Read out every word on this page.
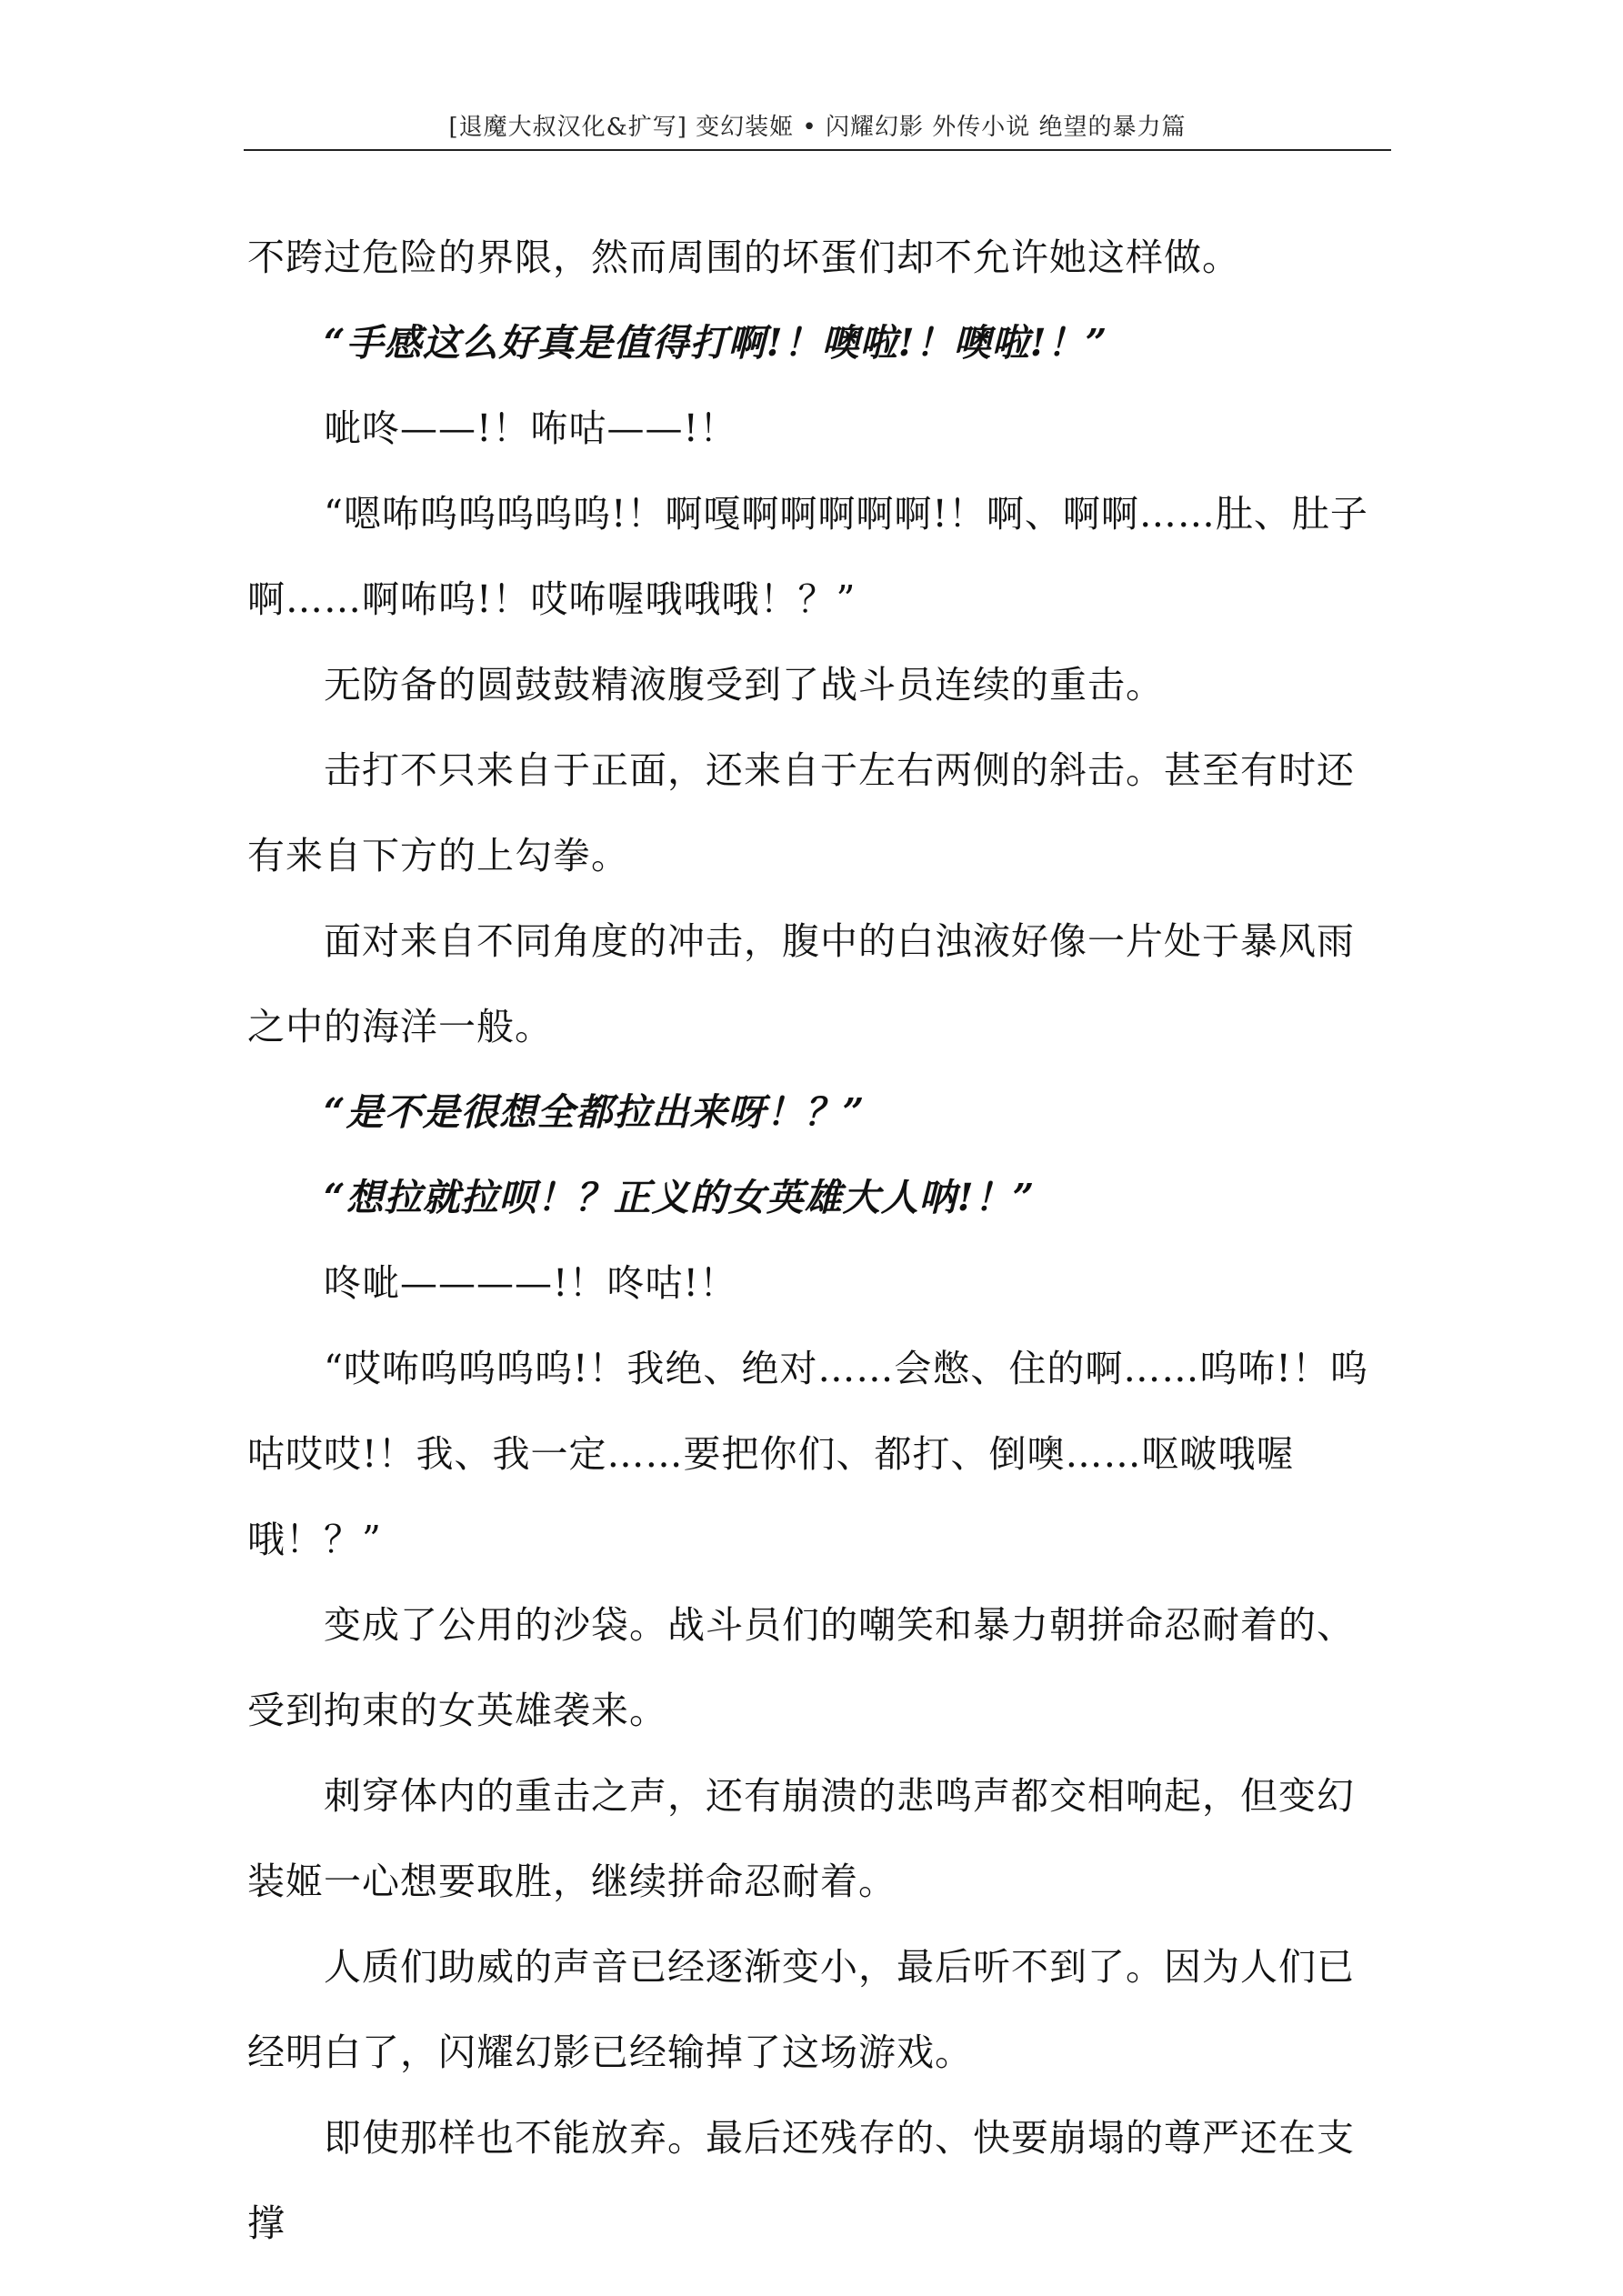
[退魔大叔汉化&扩写] 变幻装姬 • 闪耀幻影 外传小说 绝望的暴力篇

不跨过危险的界限，然而周围的坏蛋们却不允许她这样做。

“手感这么好真是值得打啊!！噢啦!！噢啦!！”

呲咚——!！咘咕——!！

“嗯咘呜呜呜呜呜!！啊嘎啊啊啊啊啊!！啊、啊啊……肚、肚子啊……啊咘呜!！哎咘喔哦哦哦！？”

无防备的圆鼓鼓精液腹受到了战斗员连续的重击。

击打不只来自于正面，还来自于左右两侧的斜击。甚至有时还有来自下方的上勾拳。

面对来自不同角度的冲击，腹中的白浊液好像一片处于暴风雨之中的海洋一般。

“是不是很想全都拉出来呀！？”

“想拉就拉呗！？正义的女英雄大人呐!！”

咚呲————!！咚咕!！

“哎咘呜呜呜呜!！我绝、绝对……会憋、住的啊……呜咘!！呜咕哎哎!！我、我一定……要把你们、都打、倒噢……呕啵哦喔哦！？”

变成了公用的沙袋。战斗员们的嘲笑和暴力朝拼命忍耐着的、受到拘束的女英雄袭来。

刺穿体内的重击之声，还有崩溃的悲鸣声都交相响起，但变幻装姬一心想要取胜，继续拼命忍耐着。

人质们助威的声音已经逐渐变小，最后听不到了。因为人们已经明白了，闪耀幻影已经输掉了这场游戏。

即使那样也不能放弃。最后还残存的、快要崩塌的尊严还在支撑
